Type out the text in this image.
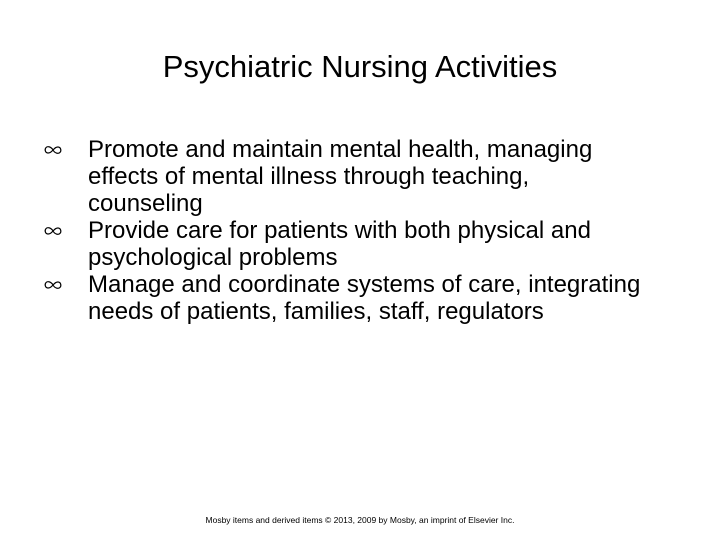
Psychiatric Nursing Activities
Promote and maintain mental health, managing effects of mental illness through teaching, counseling
Provide care for patients with both physical and psychological problems
Manage and coordinate systems of care, integrating needs of patients, families, staff, regulators
Mosby items and derived items © 2013, 2009 by Mosby, an imprint of Elsevier Inc.
